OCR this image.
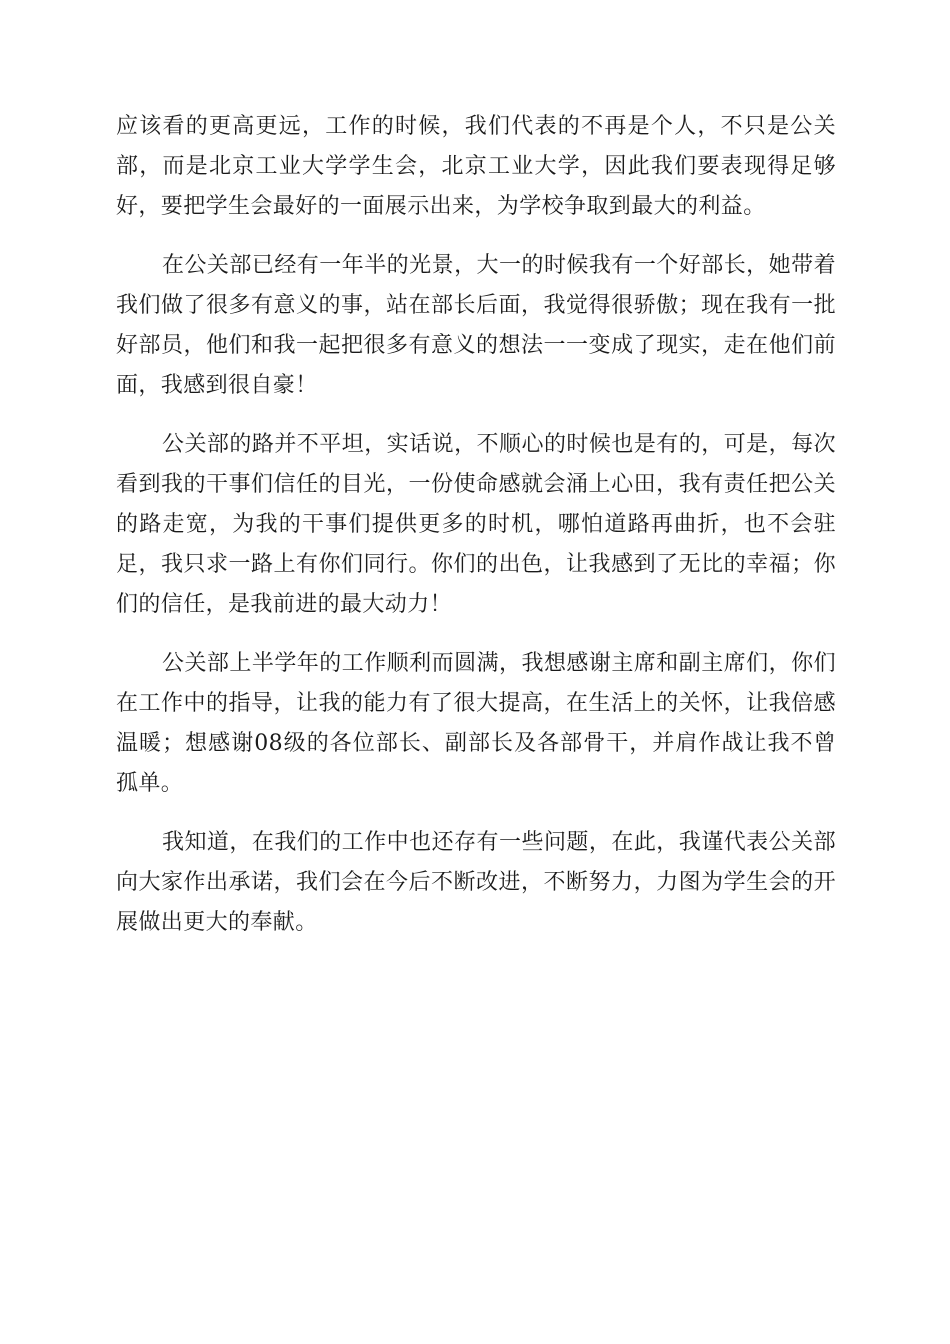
应该看的更高更远，工作的时候，我们代表的不再是个人，不只是公关部，而是北京工业大学学生会，北京工业大学，因此我们要表现得足够好，要把学生会最好的一面展示出来，为学校争取到最大的利益。

在公关部已经有一年半的光景，大一的时候我有一个好部长，她带着我们做了很多有意义的事，站在部长后面，我觉得很骄傲；现在我有一批好部员，他们和我一起把很多有意义的想法一一变成了现实，走在他们前面，我感到很自豪！

公关部的路并不平坦，实话说，不顺心的时候也是有的，可是，每次看到我的干事们信任的目光，一份使命感就会涌上心田，我有责任把公关的路走宽，为我的干事们提供更多的时机，哪怕道路再曲折，也不会驻足，我只求一路上有你们同行。你们的出色，让我感到了无比的幸福；你们的信任，是我前进的最大动力！

公关部上半学年的工作顺利而圆满，我想感谢主席和副主席们，你们在工作中的指导，让我的能力有了很大提高，在生活上的关怀，让我倍感温暖；想感谢08级的各位部长、副部长及各部骨干，并肩作战让我不曾孤单。

我知道，在我们的工作中也还存有一些问题，在此，我谨代表公关部向大家作出承诺，我们会在今后不断改进，不断努力，力图为学生会的开展做出更大的奉献。
